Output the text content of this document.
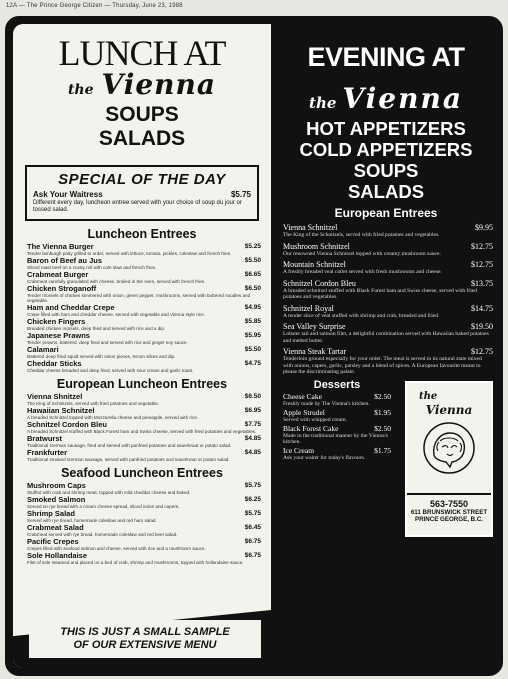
12A — The Prince George Citizen — Thursday, June 23, 1988
LUNCH AT
the Vienna
SOUPS
SALADS
SPECIAL OF THE DAY
Ask Your Waitress	$5.75
Different every day, luncheon entree served with your choice of soup du jour or tossed salad.
Luncheon Entrees
The Vienna Burger	$5.25
Tender lamburgh patty grilled to order, served with lettuce, tomato, pickles, coleslaw and french fries.
Baron of Beef au Jus	$5.50
Sliced roast beef on a crusty roll with cole slaw and french fries.
Crabmeat Burger	$6.65
Crabmeat carefully granulated with cheese, broiled in the oven, served with french fries.
Chicken Stroganoff	$6.50
Tender morsels of chicken simmered with onion, green pepper, mushrooms, served with buttered noodles and vegetable.
Ham and Cheddar Crepe	$4.95
Crepe filled with ham and cheddar cheese, served with vegetable and Vienna style rice.
Chicken Fingers	$5.85
Breaded chicken morsels, deep fried and served with rice and a dip.
Japanese Prawns	$5.95
Tender prawns, battered, deep fried and served with rice and ginger soy sauce.
Calamari	$5.50
Battered deep fried squid served with onion pieces, lemon slices and dip.
Cheddar Sticks	$4.75
Cheddar cheese breaded and deep fried, served with sour cream and garlic toast.
European Luncheon Entrees
Vienna Shnitzel	$6.50
The King of Schnitzels, served with fried potatoes and vegetable.
Hawaiian Schnitzel	$6.95
A breaded Schnitzel topped with Mozzarella cheese and pineapple, served with rice.
Schnitzel Cordon Bleu	$7.75
A breaded Schnitzel stuffed with Black Forest ham and Swiss cheese, served with fried potatoes and vegetables.
Bratwurst	$4.85
Traditional German sausage, fried and served with panfried potatoes and sauerkraut or potato salad.
Frankfurter	$4.85
Traditional smoked German sausage, served with panfried potatoes and sauerkraut or potato salad.
Seafood Luncheon Entrees
Mushroom Caps	$5.75
Stuffed with crab and shrimp meat, topped with mild cheddar cheese and baked.
Smoked Salmon	$6.25
Served on rye bread with a cream cheese spread, sliced onion and capers.
Shrimp Salad	$5.75
Served with rye bread, homemade coleslaw and red ham salad.
Crabmeat Salad	$6.45
Crabmeat served with rye bread, homemade coleslaw and red beet salad.
Pacific Crepes	$6.75
Crepes filled with seafood salmon and cheese, served with rice and a mushroom sauce.
Sole Hollandaise	$6.75
Filet of sole steamed and placed on a bed of crab, shrimp and mushrooms, topped with hollandaise sauce.
THIS IS JUST A SMALL SAMPLE
OF OUR EXTENSIVE MENU
EVENING AT
the Vienna
HOT APPETIZERS
COLD APPETIZERS
SOUPS
SALADS
European Entrees
Vienna Schnitzel	$9.95
The King of the Schnitzels, served with fried potatoes and vegetables.
Mushroom Schnitzel	$12.75
Our renowned Vienna Schnitzel topped with creamy mushroom sauce.
Mountain Schnitzel	$12.75
A freshly breaded veal cutlet served with fresh mushrooms and cheese.
Schnitzel Cordon Bleu	$13.75
A breaded schnitzel stuffed with Black Forest ham and Swiss cheese, served with fried potatoes and vegetables.
Schnitzel Royal	$14.75
A tender slice of veal stuffed with shrimp and crab, breaded and fried.
Sea Valley Surprise	$19.50
Lobster tail and salmon filet, a delightful combination served with Hawaiian baked potatoes and melted butter.
Vienna Steak Tartar	$12.75
Tenderloin ground especially for your order. The meat is served in its natural state mixed with onions, capers, garlic, parsley and a blend of spices. A European favourite meant to please the discriminating palate.
Desserts
Cheese Cake	$2.50
Freshly made by The Vienna's kitchen.
Apple Strudel	$1.95
Served with whipped cream.
Black Forest Cake	$2.50
Made in the traditional manner by the Vienna's kitchen.
Ice Cream	$1.75
Ask your waiter for today's flavours.
the
Vienna
563-7550
611 BRUNSWICK STREET
PRINCE GEORGE, B.C.
